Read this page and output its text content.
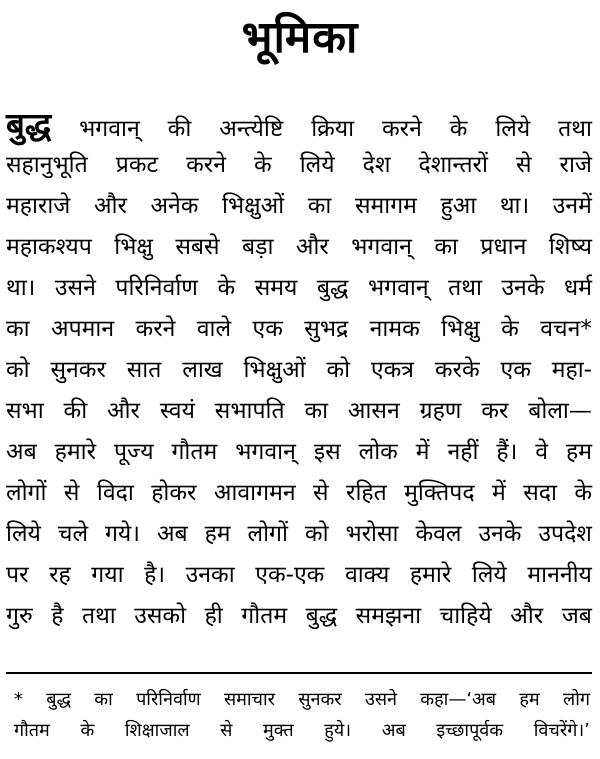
भूमिका
बुद्ध भगवान् की अन्त्येष्टि क्रिया करने के लिये तथा
सहानुभूति प्रकट करने के लिये देश देशान्तरों से राजे
महाराजे और अनेक भिक्षुओं का समागम हुआ था। उनमें
महाकश्यप भिक्षु सबसे बड़ा और भगवान् का प्रधान शिष्य
था। उसने परिनिर्वाण के समय बुद्ध भगवान् तथा उनके धर्म
का अपमान करने वाले एक सुभद्र नामक भिक्षु के वचन*
को सुनकर सात लाख भिक्षुओं को एकत्र करके एक महा-
सभा की और स्वयं सभापति का आसन ग्रहण कर बोला—
अब हमारे पूज्य गौतम भगवान् इस लोक में नहीं हैं। वे हम
लोगों से विदा होकर आवागमन से रहित मुक्तिपद में सदा के
लिये चले गये। अब हम लोगों को भरोसा केवल उनके उपदेश
पर रह गया है। उनका एक-एक वाक्य हमारे लिये माननीय
गुरु है तथा उसको ही गौतम बुद्ध समझना चाहिये और जब
* बुद्ध का परिनिर्वाण समाचार सुनकर उसने कहा—‘अब हम लोग
गौतम के शिक्षाजाल से मुक्त हुये। अब इच्छापूर्वक विचरेंगे।’
